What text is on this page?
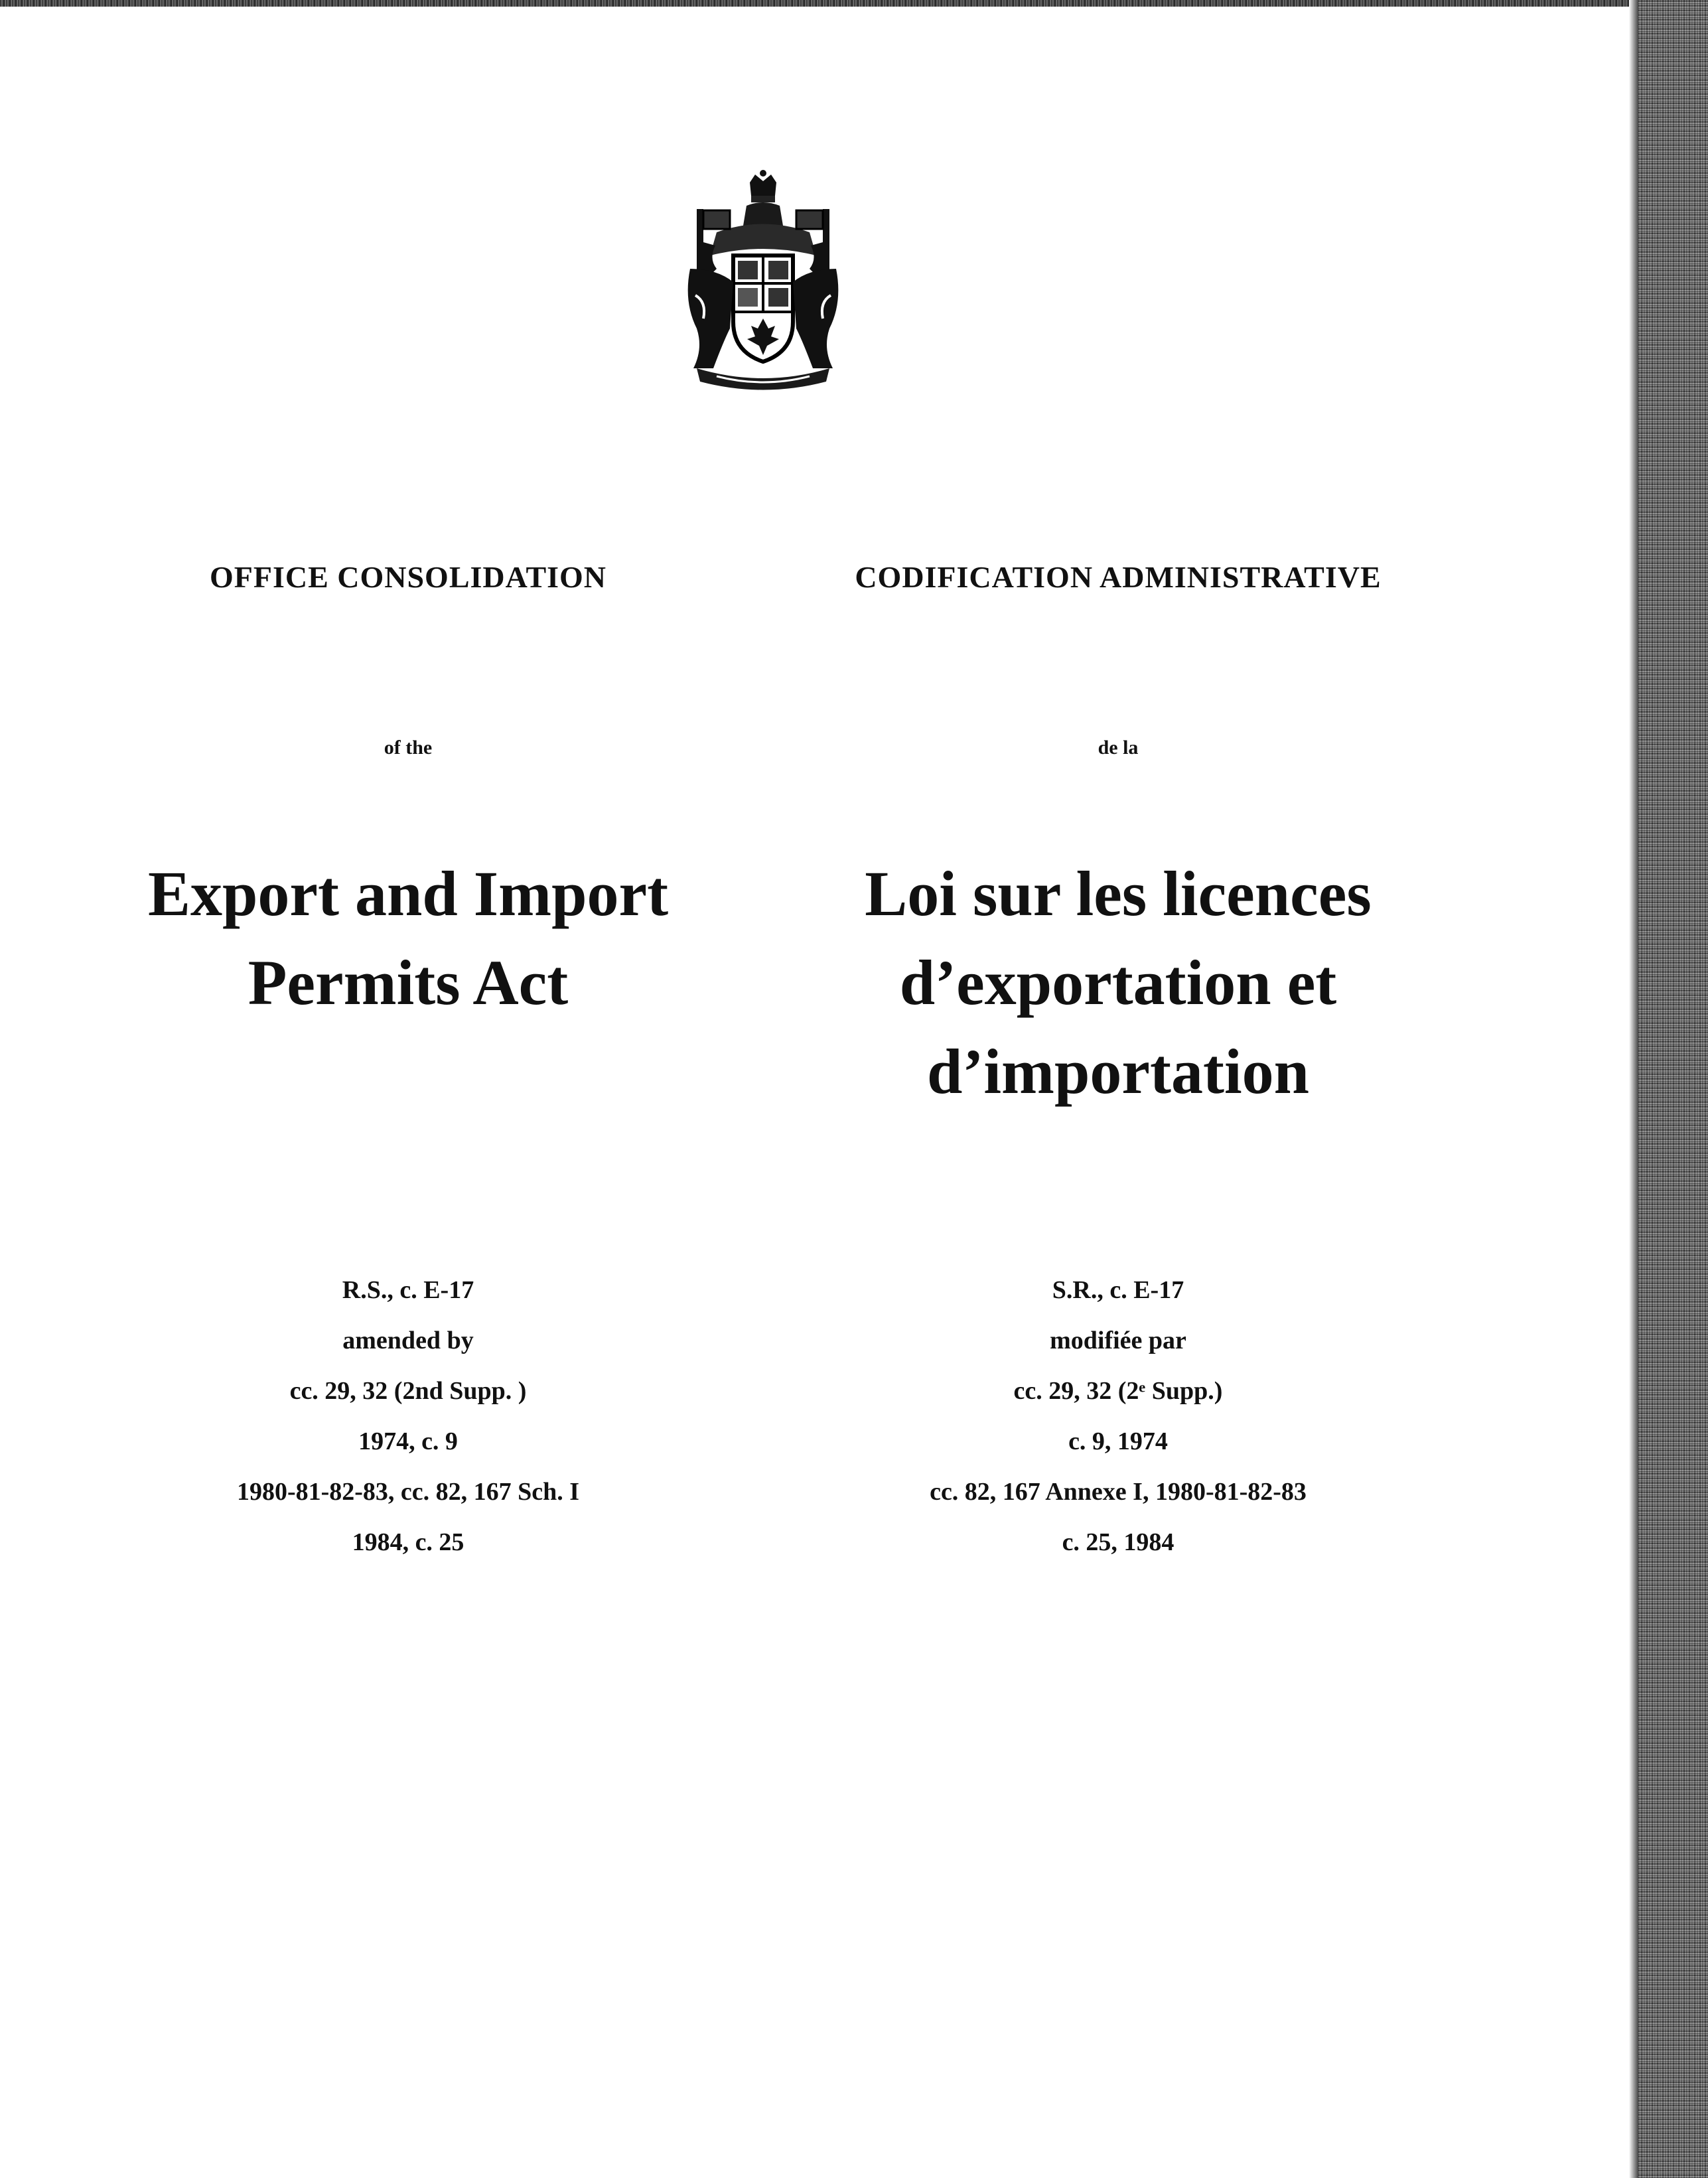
OFFICE CONSOLIDATION
of the
Export and Import
Permits Act
R.S., c. E-17
amended by
cc. 29, 32 (2nd Supp. )
1974, c. 9
1980-81-82-83, cc. 82, 167 Sch. I
1984, c. 25
CODIFICATION ADMINISTRATIVE
de la
Loi sur les licences
d’exportation et
d’importation
S.R., c. E-17
modifiée par
cc. 29, 32 (2ᵉ Supp.)
c. 9, 1974
cc. 82, 167 Annexe I, 1980-81-82-83
c. 25, 1984
